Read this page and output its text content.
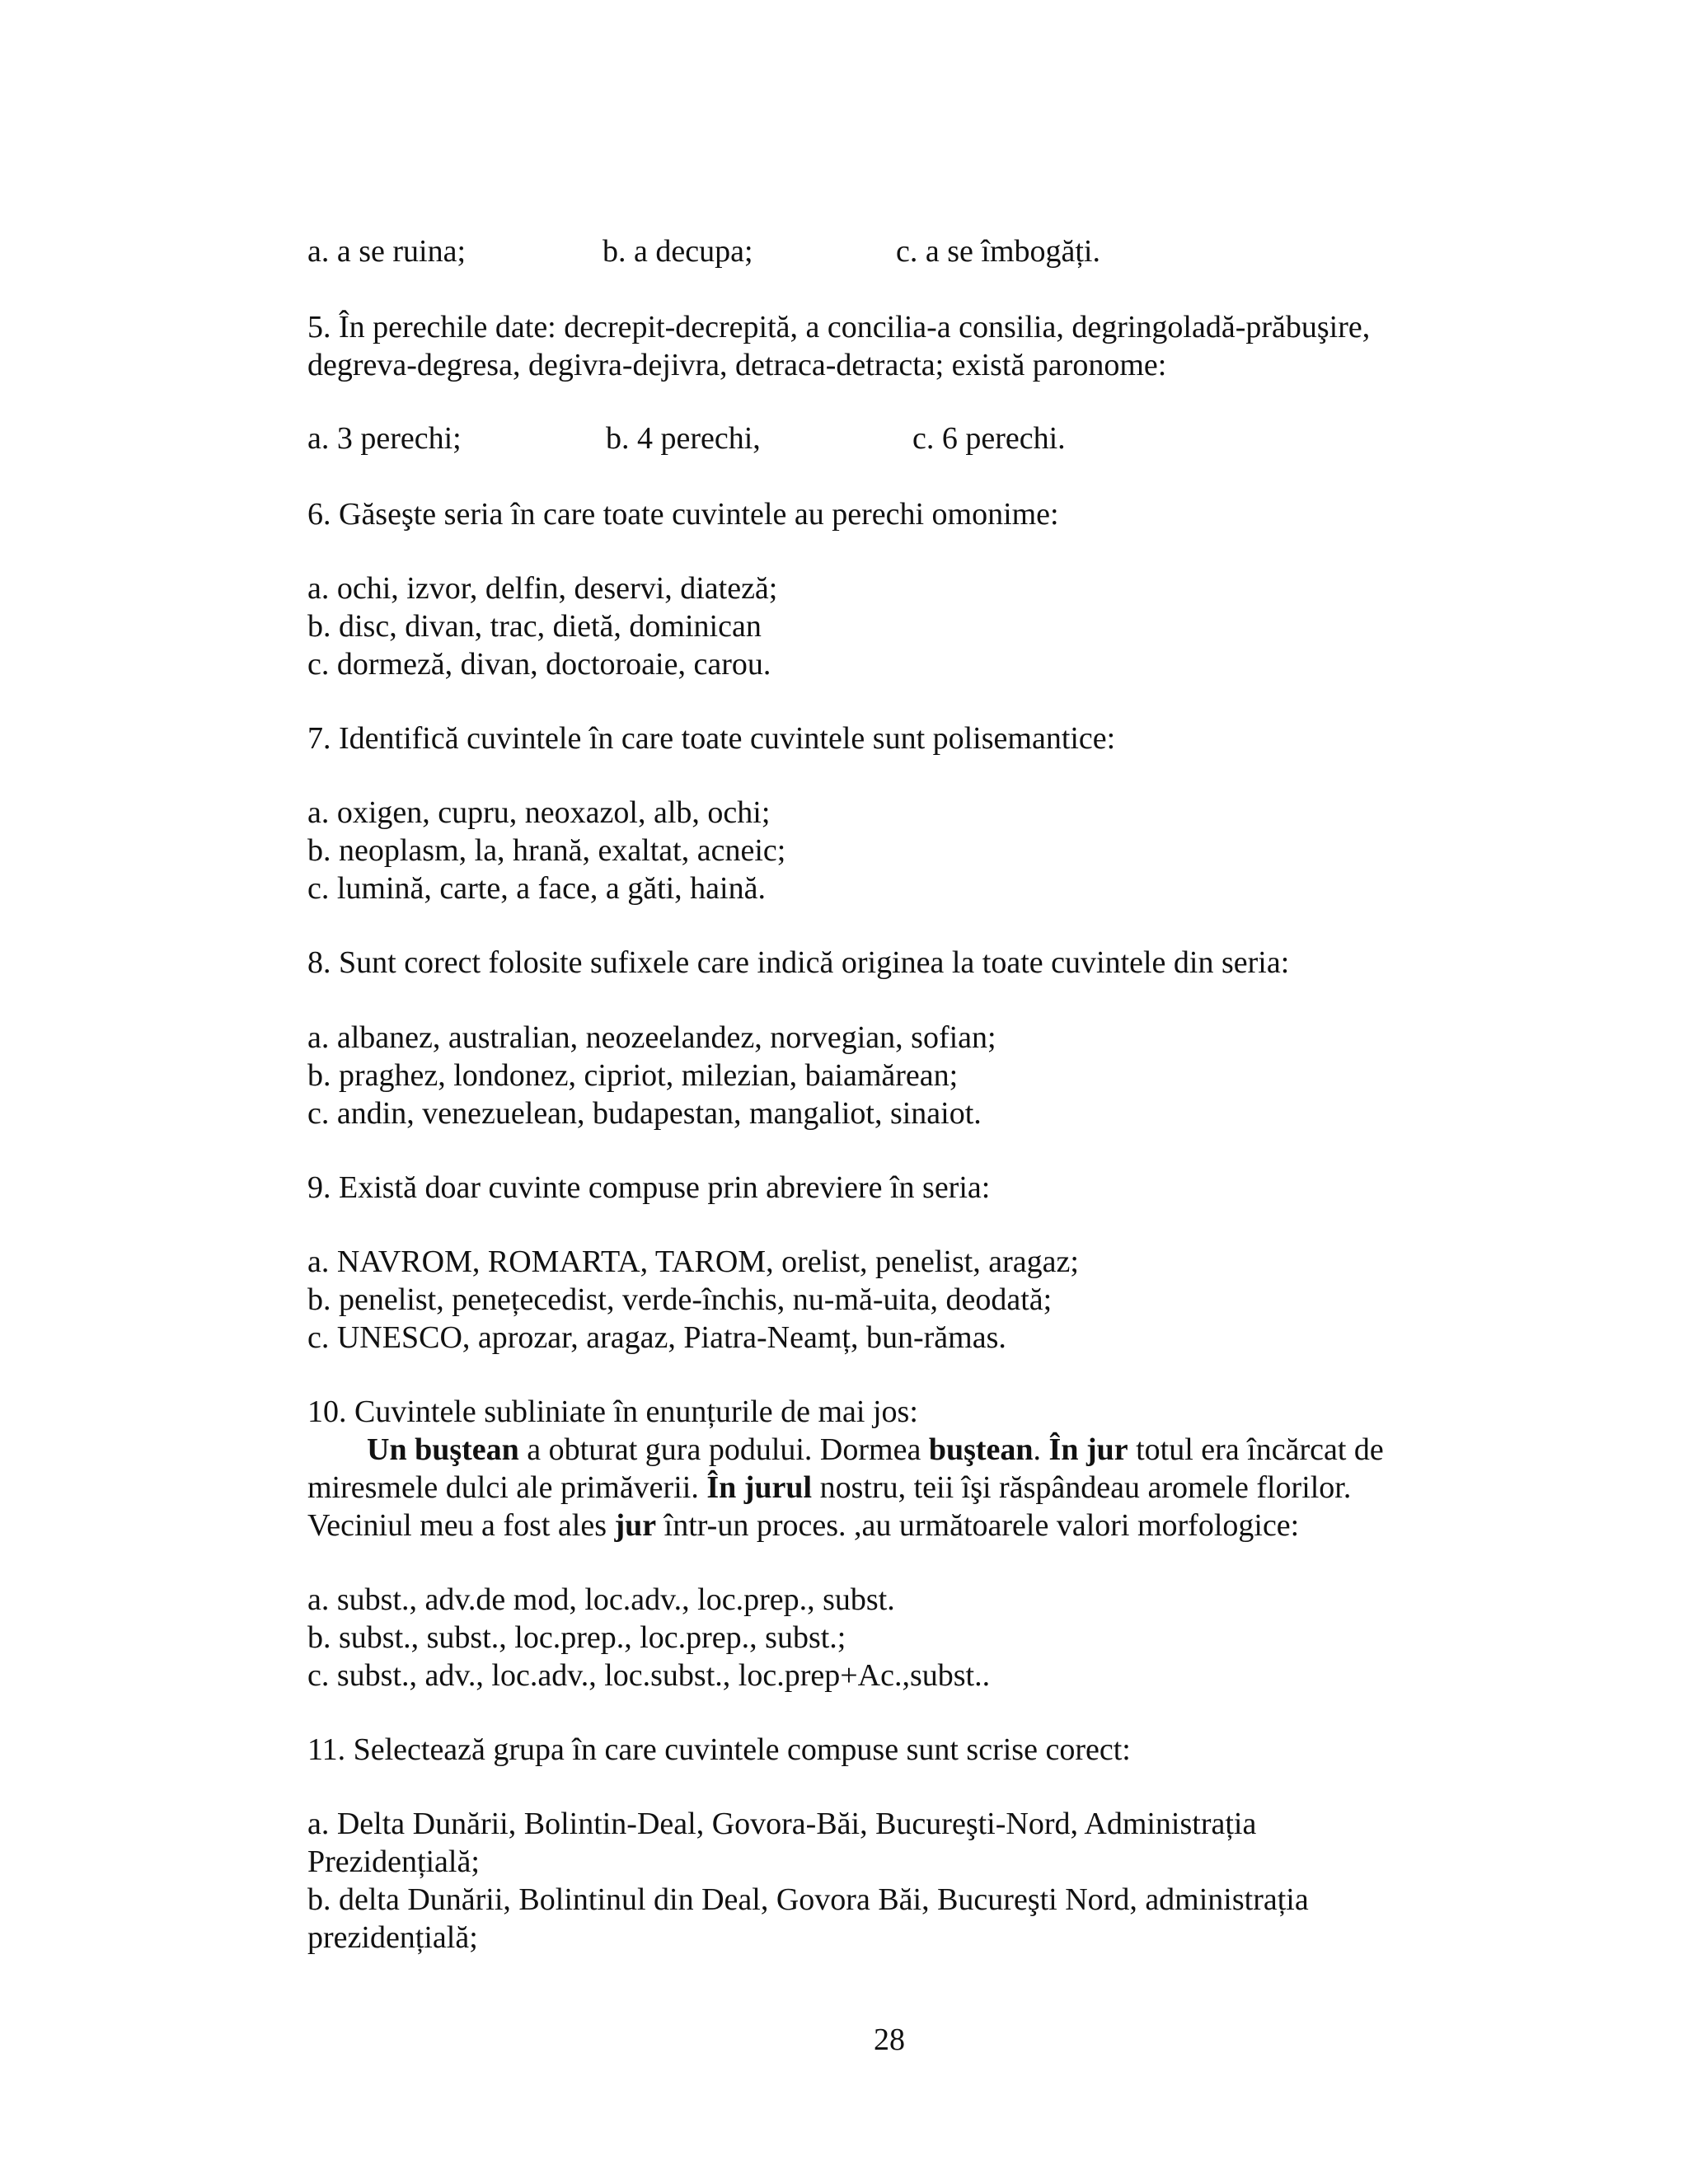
a. a se ruina;	b. a decupa;	c. a se îmbogăți.
5. În perechile date: decrepit-decrepită, a concilia-a consilia, degringoladă-prăbuşire,
degreva-degresa, degivra-dejivra, detraca-detracta; există paronome:
a. 3 perechi;	b. 4 perechi,	c. 6 perechi.
6. Găseşte seria în care toate cuvintele au perechi omonime:
a. ochi, izvor, delfin, deservi, diateză;
b. disc, divan, trac, dietă, dominican
c. dormeză, divan, doctoroaie, carou.
7. Identifică cuvintele în care toate cuvintele sunt polisemantice:
a. oxigen, cupru, neoxazol, alb, ochi;
b. neoplasm, la, hrană, exaltat, acneic;
c. lumină, carte, a face, a găti, haină.
8. Sunt corect folosite sufixele care indică originea la toate cuvintele din seria:
a. albanez, australian, neozeelandez, norvegian, sofian;
b. praghez, londonez, cipriot, milezian, baiamărean;
c. andin, venezuelean, budapestan, mangaliot, sinaiot.
9. Există doar cuvinte compuse prin abreviere în seria:
a. NAVROM, ROMARTA, TAROM, orelist, penelist, aragaz;
b. penelist, penețecedist, verde-închis, nu-mă-uita, deodată;
c. UNESCO, aprozar, aragaz, Piatra-Neamț, bun-rămas.
10. Cuvintele subliniate în enunțurile de mai jos:
Un buştean a obturat gura podului. Dormea buştean. În jur totul era încărcat de
miresmele dulci ale primăverii. În jurul nostru, teii îşi răspândeau aromele florilor.
Veciniul meu a fost ales jur într-un proces. ,au următoarele valori morfologice:
a. subst., adv.de mod, loc.adv., loc.prep., subst.
b. subst., subst., loc.prep., loc.prep., subst.;
c. subst., adv., loc.adv., loc.subst., loc.prep+Ac.,subst..
11. Selectează grupa în care cuvintele compuse sunt scrise corect:
a. Delta Dunării, Bolintin-Deal, Govora-Băi, Bucureşti-Nord, Administrația
Prezidențială;
b. delta Dunării, Bolintinul din Deal, Govora Băi, Bucureşti Nord, administrația
prezidențială;
28
